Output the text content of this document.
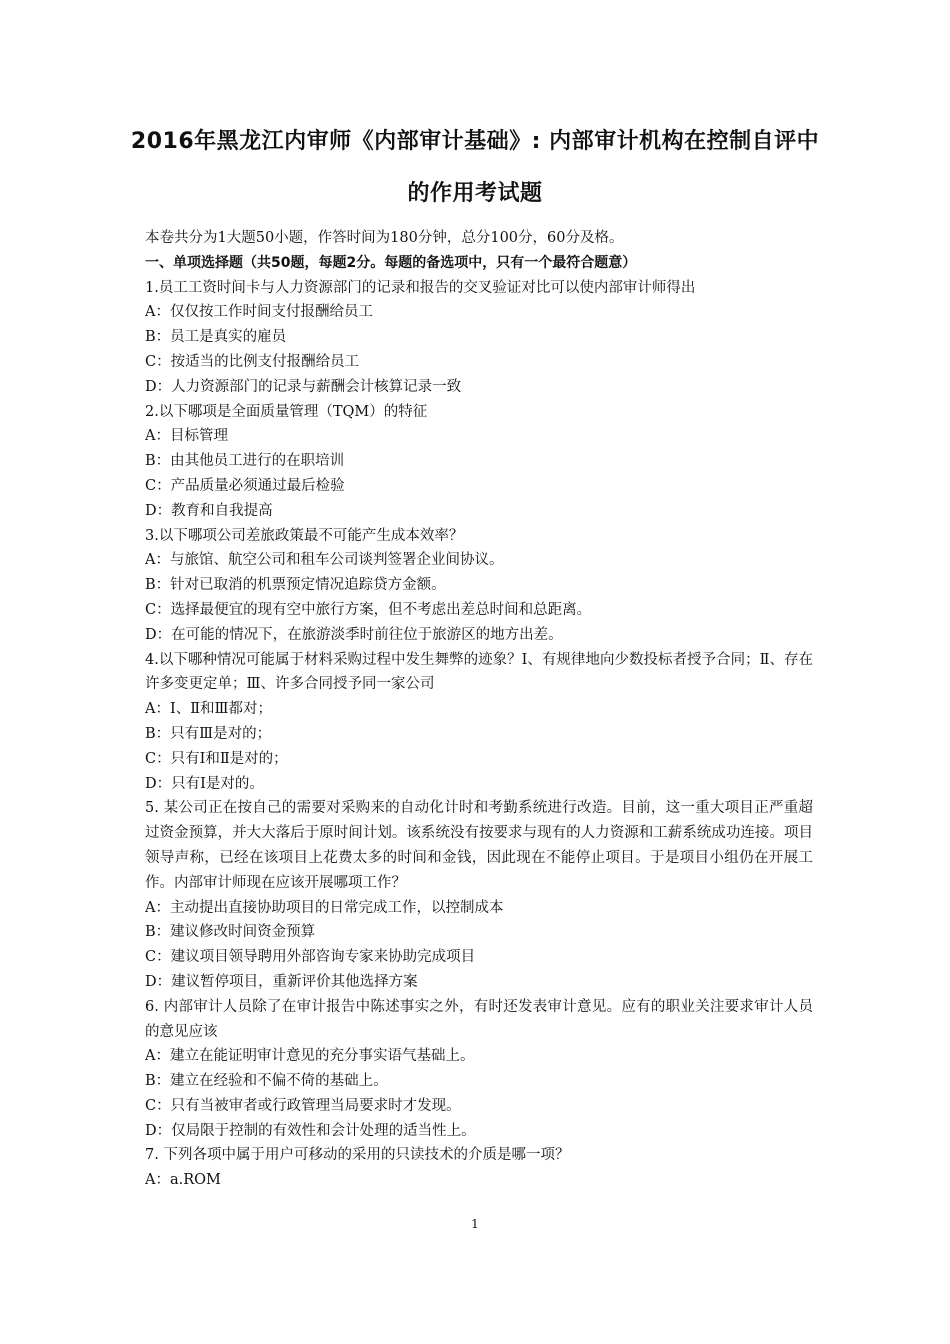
2016年黑龙江内审师《内部审计基础》: 内部审计机构在控制自评中
的作用考试题
本卷共分为1大题50小题，作答时间为180分钟，总分100分，60分及格。
一、单项选择题（共50题，每题2分。每题的备选项中，只有一个最符合题意）
1.员工工资时间卡与人力资源部门的记录和报告的交叉验证对比可以使内部审计师得出
A：仅仅按工作时间支付报酬给员工
B：员工是真实的雇员
C：按适当的比例支付报酬给员工
D：人力资源部门的记录与薪酬会计核算记录一致
2.以下哪项是全面质量管理（TQM）的特征
A：目标管理
B：由其他员工进行的在职培训
C：产品质量必须通过最后检验
D：教育和自我提高
3.以下哪项公司差旅政策最不可能产生成本效率？
A：与旅馆、航空公司和租车公司谈判签署企业间协议。
B：针对已取消的机票预定情况追踪贷方金额。
C：选择最便宜的现有空中旅行方案，但不考虑出差总时间和总距离。
D：在可能的情况下，在旅游淡季时前往位于旅游区的地方出差。
4.以下哪种情况可能属于材料采购过程中发生舞弊的迹象？Ⅰ、有规律地向少数投标者授予合同；Ⅱ、存在许多变更定单；Ⅲ、许多合同授予同一家公司
A：Ⅰ、Ⅱ和Ⅲ都对；
B：只有Ⅲ是对的；
C：只有Ⅰ和Ⅱ是对的；
D：只有Ⅰ是对的。
5. 某公司正在按自己的需要对采购来的自动化计时和考勤系统进行改造。目前，这一重大项目正严重超过资金预算，并大大落后于原时间计划。该系统没有按要求与现有的人力资源和工薪系统成功连接。项目领导声称，已经在该项目上花费太多的时间和金钱，因此现在不能停止项目。于是项目小组仍在开展工作。内部审计师现在应该开展哪项工作？
A：主动提出直接协助项目的日常完成工作，以控制成本
B：建议修改时间资金预算
C：建议项目领导聘用外部咨询专家来协助完成项目
D：建议暂停项目，重新评价其他选择方案
6. 内部审计人员除了在审计报告中陈述事实之外，有时还发表审计意见。应有的职业关注要求审计人员的意见应该
A：建立在能证明审计意见的充分事实语气基础上。
B：建立在经验和不偏不倚的基础上。
C：只有当被审者或行政管理当局要求时才发现。
D：仅局限于控制的有效性和会计处理的适当性上。
7. 下列各项中属于用户可移动的采用的只读技术的介质是哪一项？
A：a.ROM
1
